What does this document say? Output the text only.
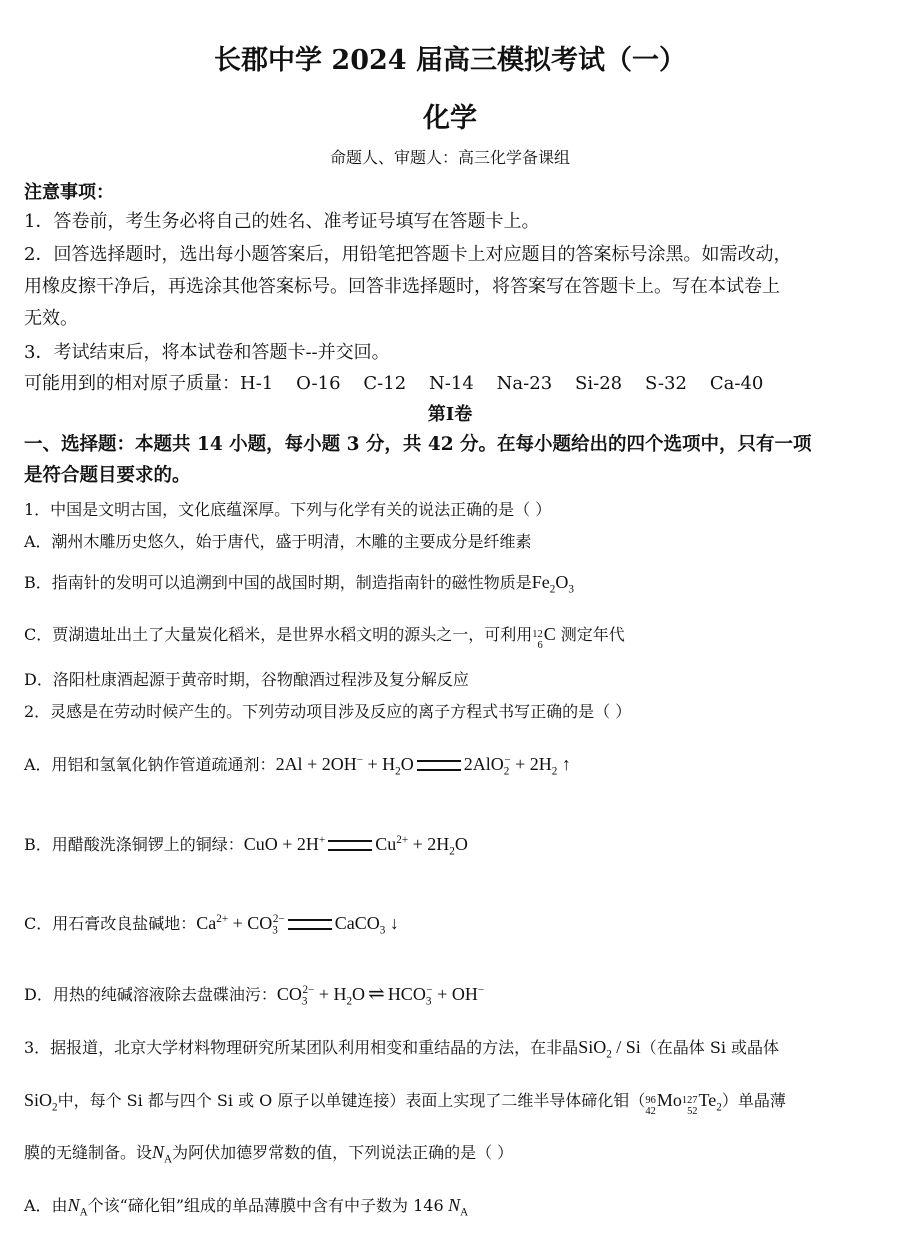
长郡中学 2024 届高三模拟考试（一）
化学
命题人、审题人：高三化学备课组
注意事项：
1．答卷前，考生务必将自己的姓名、准考证号填写在答题卡上。
2．回答选择题时，选出每小题答案后，用铅笔把答题卡上对应题目的答案标号涂黑。如需改动，
用橡皮擦干净后，再选涂其他答案标号。回答非选择题时，将答案写在答题卡上。写在本试卷上
无效。
3．考试结束后，将本试卷和答题卡--并交回。
可能用到的相对原子质量：H-1    O-16    C-12    N-14    Na-23    Si-28    S-32    Ca-40
第Ⅰ卷
一、选择题：本题共 14 小题，每小题 3 分，共 42 分。在每小题给出的四个选项中，只有一项
是符合题目要求的。
1．中国是文明古国，文化底蕴深厚。下列与化学有关的说法正确的是（ ）
A．潮州木雕历史悠久，始于唐代，盛于明清，木雕的主要成分是纤维素
B．指南针的发明可以追溯到中国的战国时期，制造指南针的磁性物质是$Fe_2O_3$
C．贾湖遗址出土了大量炭化稻米，是世界水稻文明的源头之一，可利用 12
6
C 测定年代
D．洛阳杜康酒起源于黄帝时期，谷物酿酒过程涉及复分解反应
2．灵感是在劳动时候产生的。下列劳动项目涉及反应的离子方程式书写正确的是（ ）
A．用铝和氢氧化钠作管道疏通剂：$2Al + 2OH^- + H_2O$	$2AlO_2^- + 2H_2$ ↑
B．用醋酸洗涤铜锣上的铜绿：CuO + 2H+	$Cu^{2+} + 2H_2O$
C．用石膏改良盐碱地：$Ca^{2+} + CO_3^{2-}$	CaCO$_3$ ↓
D．用热的纯碱溶液除去盘碟油污：$CO_3^{2-} + H_2O$ ⇌ $HCO_3^- + OH^-$
3．据报道，北京大学材料物理研究所某团队利用相变和重结晶的方法，在非晶SiO$_2$ / Si（在晶体 Si 或晶体
SiO$_2$中，每个 Si 都与四个 Si 或 O 原子以单键连接）表面上实现了二维半导体碲化钼（ 96
42
Mo 127
52
$Te_2$）单晶薄
膜的无缝制备。设$N_A$为阿伏加德罗常数的值，下列说法正确的是（ ）
A．由$N_A$个该“碲化钼”组成的单品薄膜中含有中子数为 146 $N_A$
